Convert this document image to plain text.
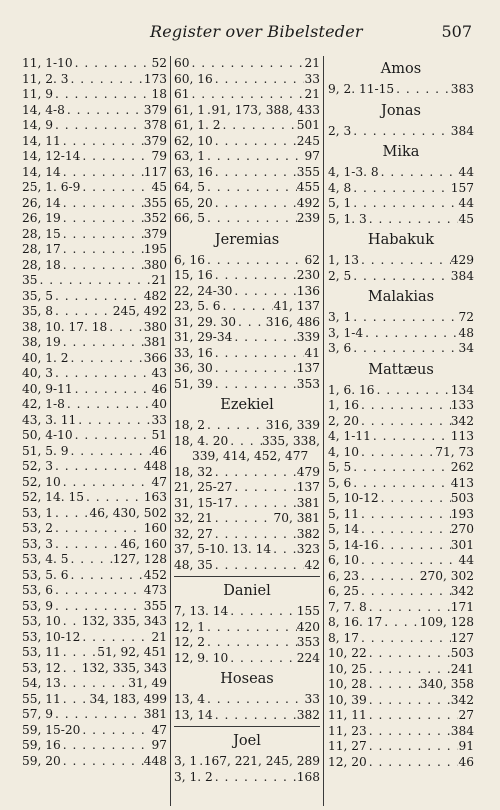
Register over Bibelsteder	507
11, 1-10 . . .	52
11, 2. 3 . . .	173
11, 9 . . .	18
14, 4-8 . . .	379
14, 9 . . .	378
14, 11 . . .	379
14, 12-14 . . .	79
14, 14 . . .	117
25, 1. 6-9 . . .	45
26, 14 . . .	355
26, 19 . . .	352
28, 15 . . .	379
28, 17 . . .	195
28, 18 . . .	380
35 . . .	21
35, 5 . . .	482
35, 8 . . .	245, 492
38, 10. 17. 18 . . .	380
38, 19 . . .	381
40, 1. 2 . . .	366
40, 3 . . .	43
40, 9-11 . . .	46
42, 1-8 . . .	40
43, 3. 11 . . .	33
50, 4-10 . . .	51
51, 5. 9 . . .	46
52, 3 . . .	448
52, 10 . . .	47
52, 14. 15 . . .	163
53, 1 . . .	46, 430, 502
53, 2 . . .	160
53, 3 . . .	46, 160
53, 4. 5 . . .	127, 128
53, 5. 6 . . .	452
53, 6 . . .	473
53, 9 . . .	355
53, 10 . . . 132, 335, 343
53, 10-12 . . .	21
53, 11 . . .	51, 92, 451
53, 12 . . . 132, 335, 343
54, 13 . . .	31, 49
55, 11 . . . 34, 183, 499
57, 9 . . .	381
59, 15-20 . . .	47
59, 16 . . .	97
59, 20 . . .	448
60 . . .	21
60, 16 . . .	33
61 . . .	21
61, 1 . . . 91, 173, 388, 433
61, 1. 2 . . .	501
62, 10 . . .	245
63, 1 . . .	97
63, 16 . . .	355
64, 5 . . .	455
65, 20 . . .	492
66, 5 . . .	239
Jeremias
6, 16 . . .	62
15, 16 . . .	230
22, 24-30 . . .	136
23, 5. 6 . . .	41, 137
31, 29. 30 . . . 316, 486
31, 29-34 . . .	339
33, 16 . . .	41
36, 30 . . .	137
51, 39 . . .	353
Ezekiel
18, 2 . . .	316, 339
18, 4. 20 . . .	335, 338,
339, 414, 452, 477
18, 32 . . .	479
21, 25-27 . . .	137
31, 15-17 . . .	381
32, 21 . . .	70, 381
32, 27 . . .	382
37, 5-10. 13. 14 . . . 323
48, 35 . . .	42
Daniel
7, 13. 14 . . .	155
12, 1 . . .	420
12, 2 . . .	353
12, 9. 10 . . .	224
Hoseas
13, 4 . . .	33
13, 14 . . .	382
Joel
3, 1 . . . 167, 221, 245, 289
3, 1. 2 . . .	168
Amos
9, 2. 11-15 . . .	383
Jonas
2, 3 . . .	384
Mika
4, 1-3. 8 . . .	44
4, 8 . . .	157
5, 1 . . .	44
5, 1. 3 . . .	45
Habakuk
1, 13 . . .	429
2, 5 . . .	384
Malakias
3, 1 . . .	72
3, 1-4 . . .	48
3, 6 . . .	34
Mattæus
1, 6. 16 . . .	134
1, 16 . . .	133
2, 20 . . .	342
4, 1-11 . . .	113
4, 10 . . .	71, 73
5, 5 . . .	262
5, 6 . . .	413
5, 10-12 . . .	503
5, 11 . . .	193
5, 14 . . .	270
5, 14-16 . . .	301
6, 10 . . .	44
6, 23 . . .	270, 302
6, 25 . . .	342
7, 7. 8 . . .	171
8, 16. 17 . . .	109, 128
8, 17 . . .	127
10, 22 . . .	503
10, 25 . . .	241
10, 28 . . .	340, 358
10, 39 . . .	342
11, 11 . . .	27
11, 23 . . .	384
11, 27 . . .	91
12, 20 . . .	46
